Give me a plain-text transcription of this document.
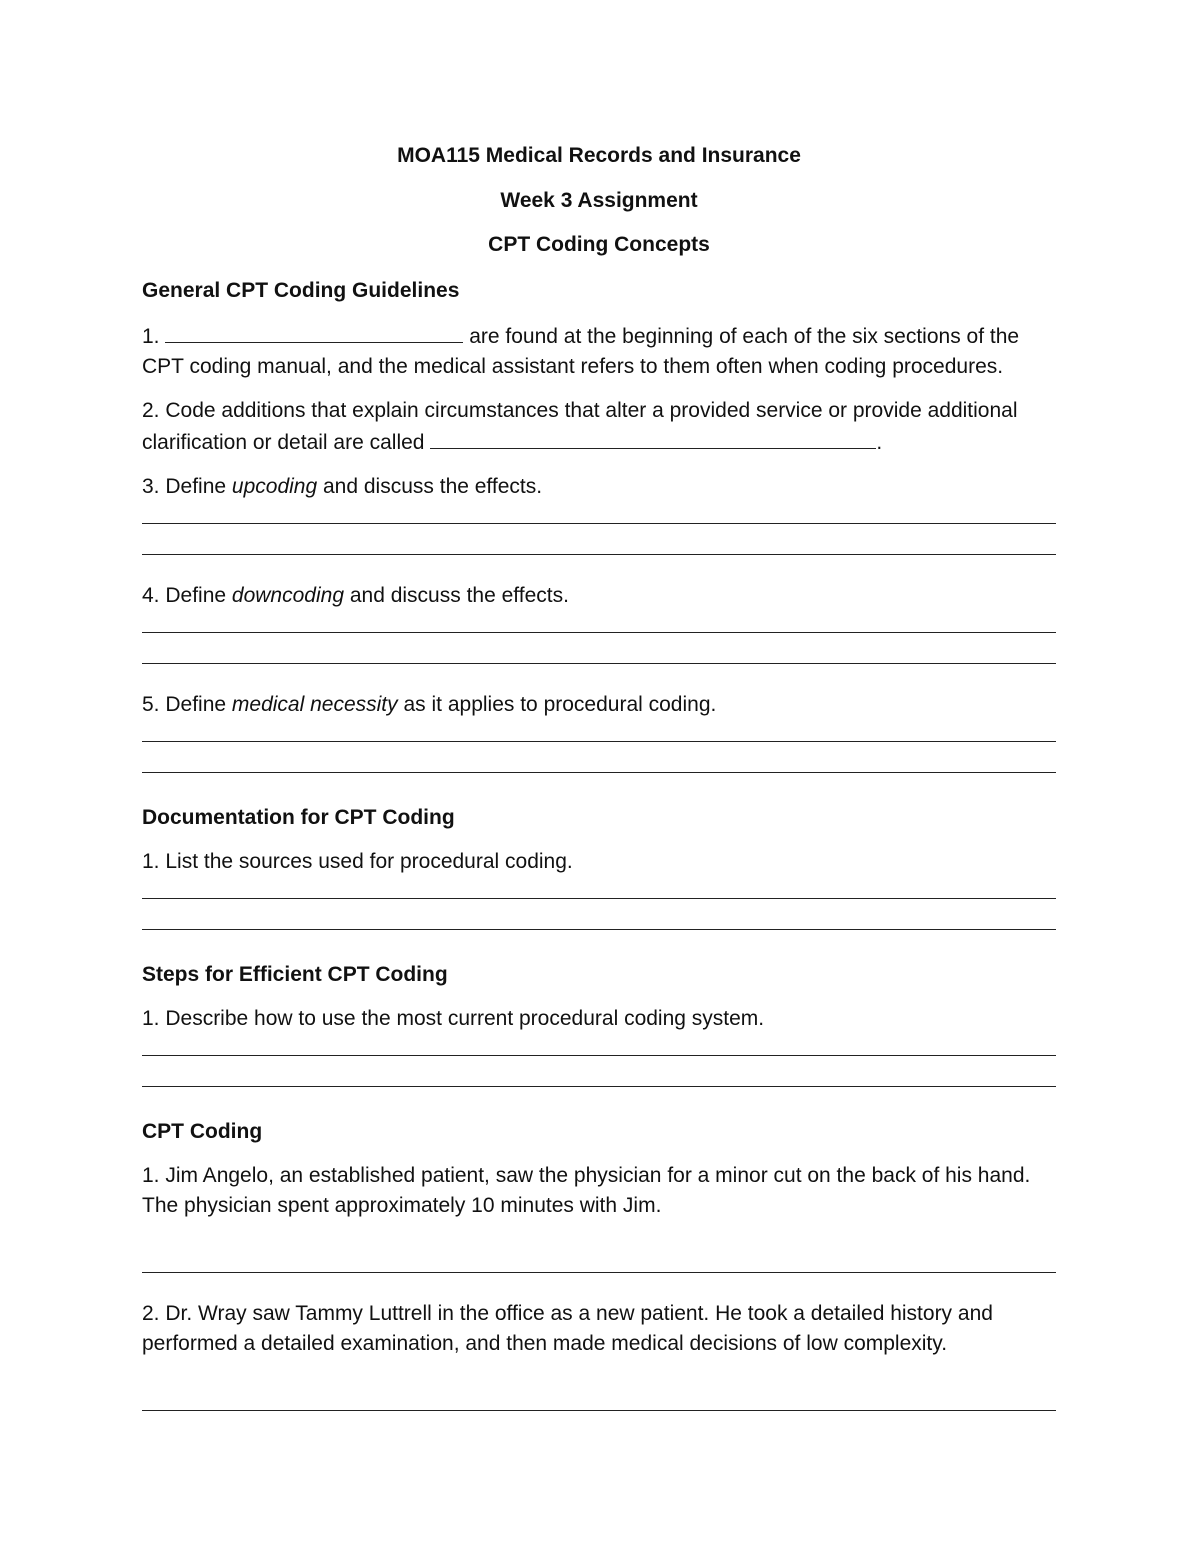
MOA115 Medical Records and Insurance
Week 3 Assignment
CPT Coding Concepts
General CPT Coding Guidelines

1.	are found at the beginning of each of the six sections of the CPT coding manual, and the medical assistant refers to them often when coding procedures.

2. Code additions that explain circumstances that alter a provided service or provide additional clarification or detail are called	.

3. Define upcoding and discuss the effects.

4. Define downcoding and discuss the effects.

5. Define medical necessity as it applies to procedural coding.

Documentation for CPT Coding

1. List the sources used for procedural coding.

Steps for Efficient CPT Coding

1. Describe how to use the most current procedural coding system.

CPT Coding

1. Jim Angelo, an established patient, saw the physician for a minor cut on the back of his hand. The physician spent approximately 10 minutes with Jim.

2. Dr. Wray saw Tammy Luttrell in the office as a new patient. He took a detailed history and performed a detailed examination, and then made medical decisions of low complexity.
